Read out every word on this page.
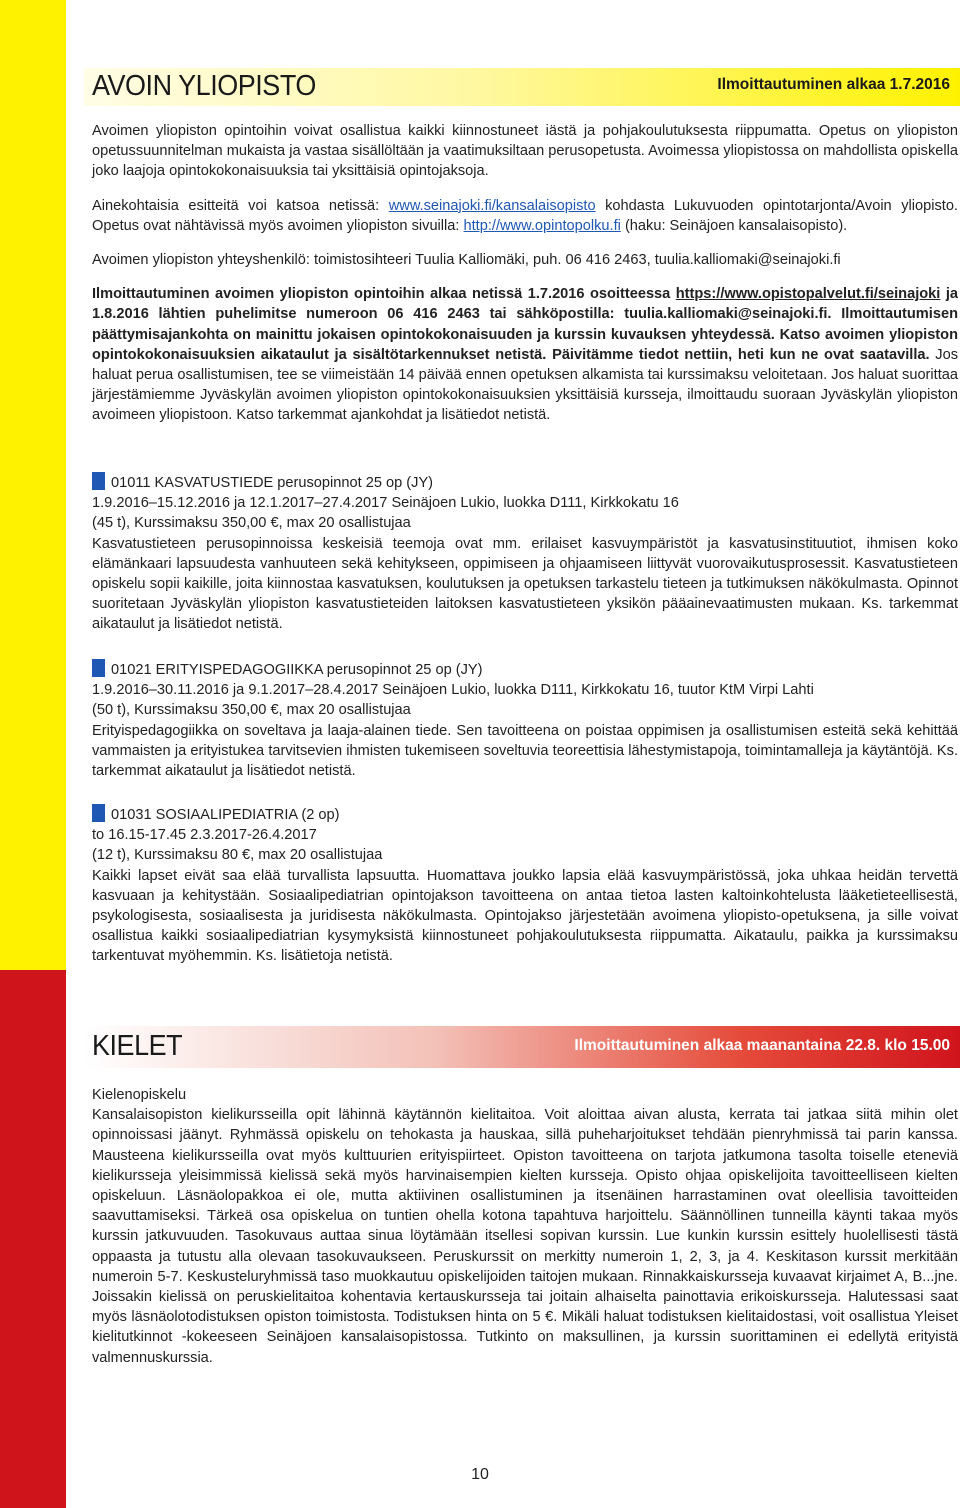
AVOIN YLIOPISTO	Ilmoittautuminen alkaa 1.7.2016

Avoimen yliopiston opintoihin voivat osallistua kaikki kiinnostuneet iästä ja pohjakoulutuksesta riippumatta. Opetus on yliopiston opetussuunnitelman mukaista ja vastaa sisällöltään ja vaatimuksiltaan perusopetusta. Avoimessa yliopistossa on mahdollista opiskella joko laajoja opintokokonaisuuksia tai yksittäisiä opintojaksoja.

Ainekohtaisia esitteitä voi katsoa netissä: www.seinajoki.fi/kansalaisopisto kohdasta Lukuvuoden opintotarjonta/Avoin yliopisto. Opetus ovat nähtävissä myös avoimen yliopiston sivuilla: http://www.opintopolku.fi (haku: Seinäjoen kansalaisopisto).

Avoimen yliopiston yhteyshenkilö: toimistosihteeri Tuulia Kalliomäki, puh. 06 416 2463, tuulia.kalliomaki@seinajoki.fi

Ilmoittautuminen avoimen yliopiston opintoihin alkaa netissä 1.7.2016 osoitteessa https://www.opistopalvelut.fi/seinajoki ja 1.8.2016 lähtien puhelimitse numeroon 06 416 2463 tai sähköpostilla: tuulia.kalliomaki@seinajoki.fi. Ilmoittautumisen päättymisajankohta on mainittu jokaisen opintokokonaisuuden ja kurssin kuvauksen yhteydessä. Katso avoimen yliopiston opintokokonaisuuksien aikataulut ja sisältötarkennukset netistä. Päivitämme tiedot nettiin, heti kun ne ovat saatavilla. Jos haluat perua osallistumisen, tee se viimeistään 14 päivää ennen opetuksen alkamista tai kurssimaksu veloitetaan. Jos haluat suorittaa järjestämiemme Jyväskylän avoimen yliopiston opintokokonaisuuksien yksittäisiä kursseja, ilmoittaudu suoraan Jyväskylän yliopiston avoimeen yliopistoon. Katso tarkemmat ajankohdat ja lisätiedot netistä.

01011 KASVATUSTIEDE perusopinnot 25 op (JY)

1.9.2016–15.12.2016 ja 12.1.2017–27.4.2017 Seinäjoen Lukio, luokka D111, Kirkkokatu 16

(45 t), Kurssimaksu 350,00 €, max 20 osallistujaa

Kasvatustieteen perusopinnoissa keskeisiä teemoja ovat mm. erilaiset kasvuympäristöt ja kasvatusinstituutiot, ihmisen koko elämänkaari lapsuudesta vanhuuteen sekä kehitykseen, oppimiseen ja ohjaamiseen liittyvät vuorovaikutusprosessit. Kasvatustieteen opiskelu sopii kaikille, joita kiinnostaa kasvatuksen, koulutuksen ja opetuksen tarkastelu tieteen ja tutkimuksen näkökulmasta. Opinnot suoritetaan Jyväskylän yliopiston kasvatustieteiden laitoksen kasvatustieteen yksikön pääainevaatimusten mukaan. Ks. tarkemmat aikataulut ja lisätiedot netistä.

01021 ERITYISPEDAGOGIIKKA perusopinnot 25 op (JY)

1.9.2016–30.11.2016 ja 9.1.2017–28.4.2017 Seinäjoen Lukio, luokka D111, Kirkkokatu 16, tuutor KtM Virpi Lahti

(50 t), Kurssimaksu 350,00 €, max 20 osallistujaa

Erityispedagogiikka on soveltava ja laaja-alainen tiede. Sen tavoitteena on poistaa oppimisen ja osallistumisen esteitä sekä kehittää vammaisten ja erityistukea tarvitsevien ihmisten tukemiseen soveltuvia teoreettisia lähestymistapoja, toimintamalleja ja käytäntöjä. Ks. tarkemmat aikataulut ja lisätiedot netistä.

01031 SOSIAALIPEDIATRIA (2 op)

to 16.15-17.45 2.3.2017-26.4.2017

(12 t), Kurssimaksu 80 €, max 20 osallistujaa

Kaikki lapset eivät saa elää turvallista lapsuutta. Huomattava joukko lapsia elää kasvuympäristössä, joka uhkaa heidän tervettä kasvuaan ja kehitystään. Sosiaalipediatrian opintojakson tavoitteena on antaa tietoa lasten kaltoinkohtelusta lääketieteellisestä, psykologisesta, sosiaalisesta ja juridisesta näkökulmasta. Opintojakso järjestetään avoimena yliopisto-opetuksena, ja sille voivat osallistua kaikki sosiaalipediatrian kysymyksistä kiinnostuneet pohjakoulutuksesta riippumatta. Aikataulu, paikka ja kurssimaksu tarkentuvat myöhemmin. Ks. lisätietoja netistä.

KIELET	Ilmoittautuminen alkaa maanantaina 22.8. klo 15.00

Kielenopiskelu

Kansalaisopiston kielikursseilla opit lähinnä käytännön kielitaitoa. Voit aloittaa aivan alusta, kerrata tai jatkaa siitä mihin olet opinnoissasi jäänyt. Ryhmässä opiskelu on tehokasta ja hauskaa, sillä puheharjoitukset tehdään pienryhmissä tai parin kanssa. Mausteena kielikursseilla ovat myös kulttuurien erityispiirteet. Opiston tavoitteena on tarjota jatkumona tasolta toiselle eteneviä kielikursseja yleisimmissä kielissä sekä myös harvinaisempien kielten kursseja. Opisto ohjaa opiskelijoita tavoitteelliseen kielten opiskeluun. Läsnäolopakkoa ei ole, mutta aktiivinen osallistuminen ja itsenäinen harrastaminen ovat oleellisia tavoitteiden saavuttamiseksi. Tärkeä osa opiskelua on tuntien ohella kotona tapahtuva harjoittelu. Säännöllinen tunneilla käynti takaa myös kurssin jatkuvuuden. Tasokuvaus auttaa sinua löytämään itsellesi sopivan kurssin. Lue kunkin kurssin esittely huolellisesti tästä oppaasta ja tutustu alla olevaan tasokuvaukseen. Peruskurssit on merkitty numeroin 1, 2, 3, ja 4. Keskitason kurssit merkitään numeroin 5-7. Keskusteluryhmissä taso muokkautuu opiskelijoiden taitojen mukaan. Rinnakkaiskursseja kuvaavat kirjaimet A, B...jne. Joissakin kielissä on peruskielitaitoa kohentavia kertauskursseja tai joitain alhaiselta painottavia erikoiskursseja. Halutessasi saat myös läsnäolotodistuksen opiston toimistosta. Todistuksen hinta on 5 €. Mikäli haluat todistuksen kielitaidostasi, voit osallistua Yleiset kielitutkinnot -kokeeseen Seinäjoen kansalaisopistossa. Tutkinto on maksullinen, ja kurssin suorittaminen ei edellytä erityistä valmennuskurssia.

10
